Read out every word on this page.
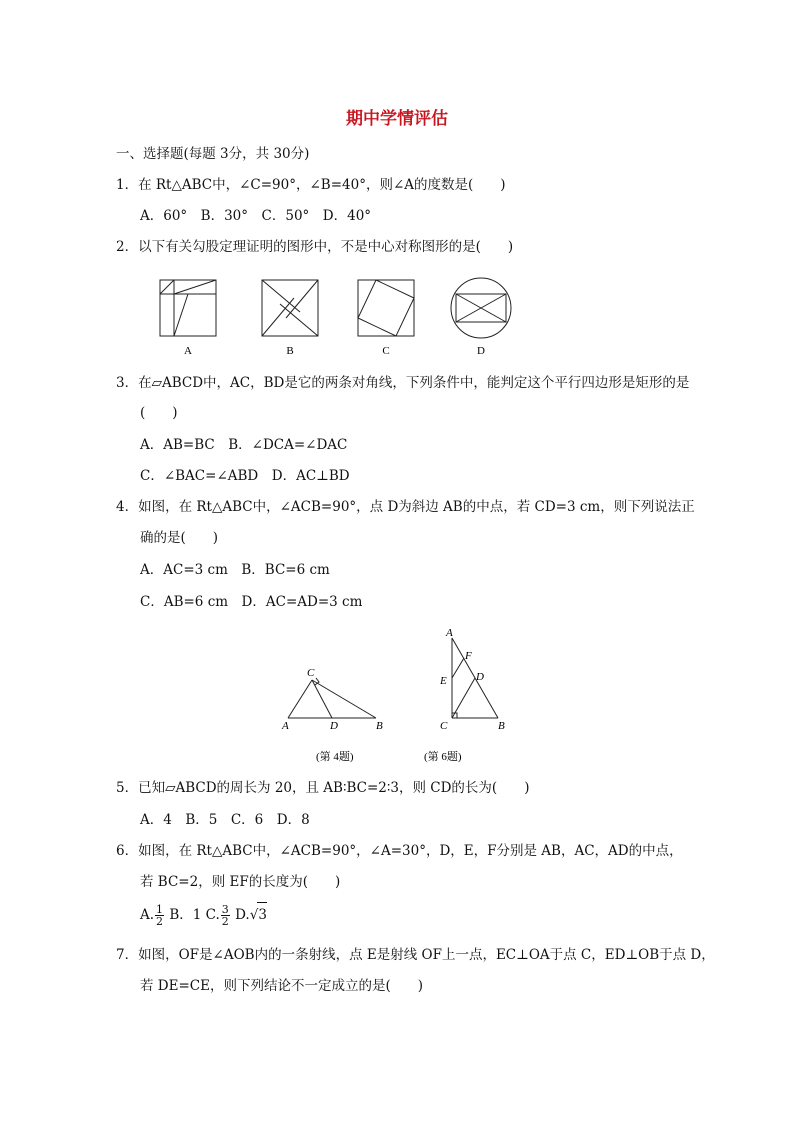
期中学情评估
一、选择题(每题 3分，共 30分)
1．在 Rt△ABC中，∠C=90°，∠B=40°，则∠A的度数是(　　)
A．60°　B．30°　C．50°　D．40°
2．以下有关勾股定理证明的图形中，不是中心对称图形的是(　　)
A	B	C	D
3．在▱ABCD中，AC，BD是它的两条对角线，下列条件中，能判定这个平行四边形是矩形的是
(　　)
A．AB=BC　B．∠DCA=∠DAC
C．∠BAC=∠ABD　D．AC⊥BD
4．如图，在 Rt△ABC中，∠ACB=90°，点 D为斜边 AB的中点，若 CD=3 cm，则下列说法正
确的是(　　)
A．AC=3 cm　B．BC=6 cm
C．AB=6 cm　D．AC=AD=3 cm
A	B
C
D
(第 4题)
A
B
C
D
E
F
(第 6题)
5．已知▱ABCD的周长为 20，且 AB∶BC=2∶3，则 CD的长为(　　)
A．4　B．5　C．6　D．8
6．如图，在 Rt△ABC中，∠ACB=90°，∠A=30°，D，E，F分别是 AB，AC，AD的中点，
若 BC=2，则 EF的长度为(　　)
A. $\frac{1}{2}$ B．1 C. $\frac{3}{2} D.√3$
7．如图，OF是∠AOB内的一条射线，点 E是射线 OF上一点，EC⊥OA于点 C，ED⊥OB于点 D，
若 DE=CE，则下列结论不一定成立的是(　　)
